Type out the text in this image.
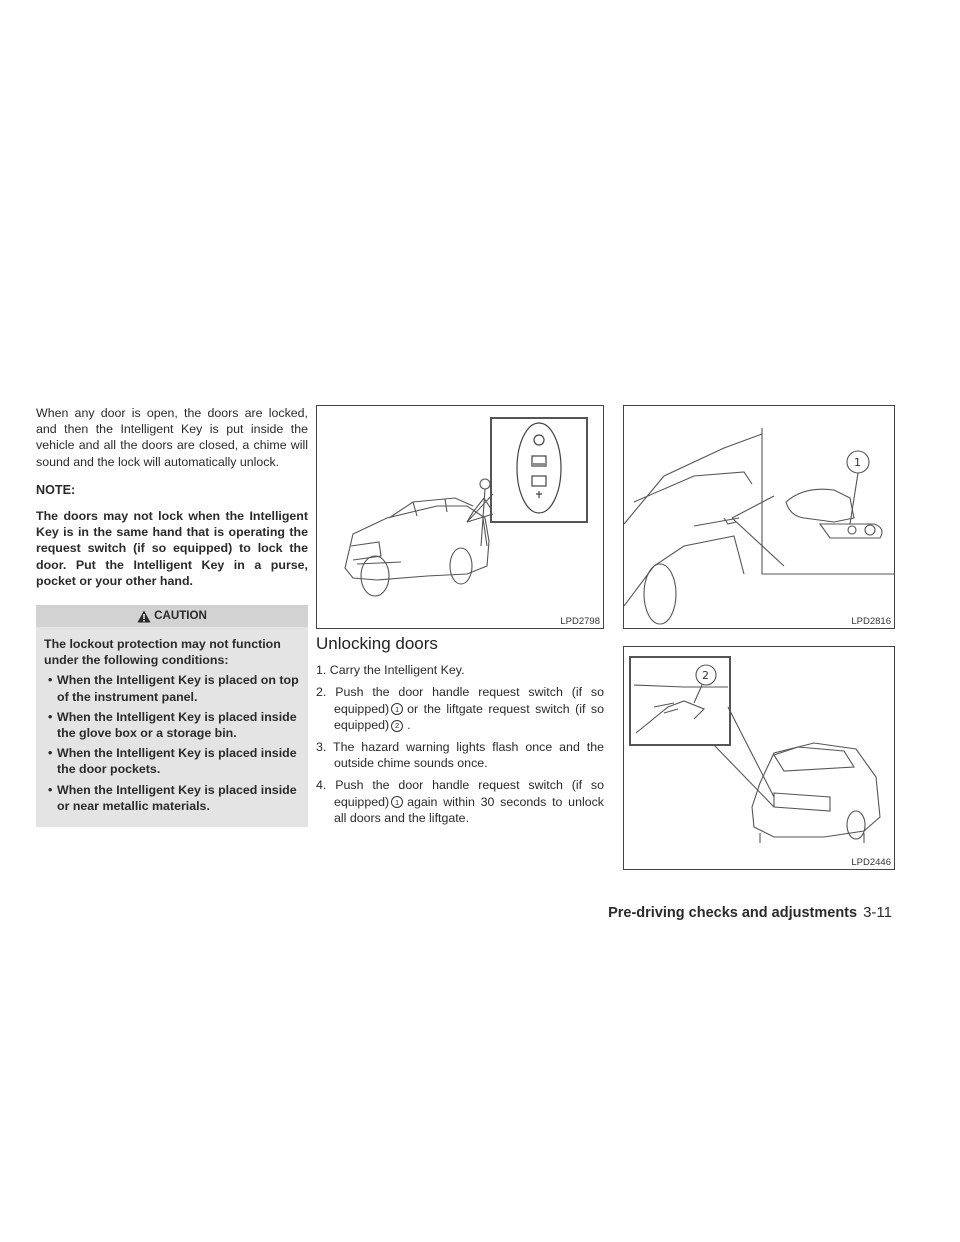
When any door is open, the doors are locked, and then the Intelligent Key is put inside the vehicle and all the doors are closed, a chime will sound and the lock will automatically unlock.

NOTE:

The doors may not lock when the Intelligent Key is in the same hand that is operating the request switch (if so equipped) to lock the door. Put the Intelligent Key in a purse, pocket or your other hand.

CAUTION

The lockout protection may not function under the following conditions:

• When the Intelligent Key is placed on top of the instrument panel.
• When the Intelligent Key is placed inside the glove box or a storage bin.
• When the Intelligent Key is placed inside the door pockets.
• When the Intelligent Key is placed inside or near metallic materials.
LPD2798
1
LPD2816
2
LPD2446
Unlocking doors
1. Carry the Intelligent Key.
2. Push the door handle request switch (if so equipped) 1 or the liftgate request switch (if so equipped) 2 .
3. The hazard warning lights flash once and the outside chime sounds once.
4. Push the door handle request switch (if so equipped) 1 again within 30 seconds to unlock all doors and the liftgate.
Pre-driving checks and adjustments 3-11
